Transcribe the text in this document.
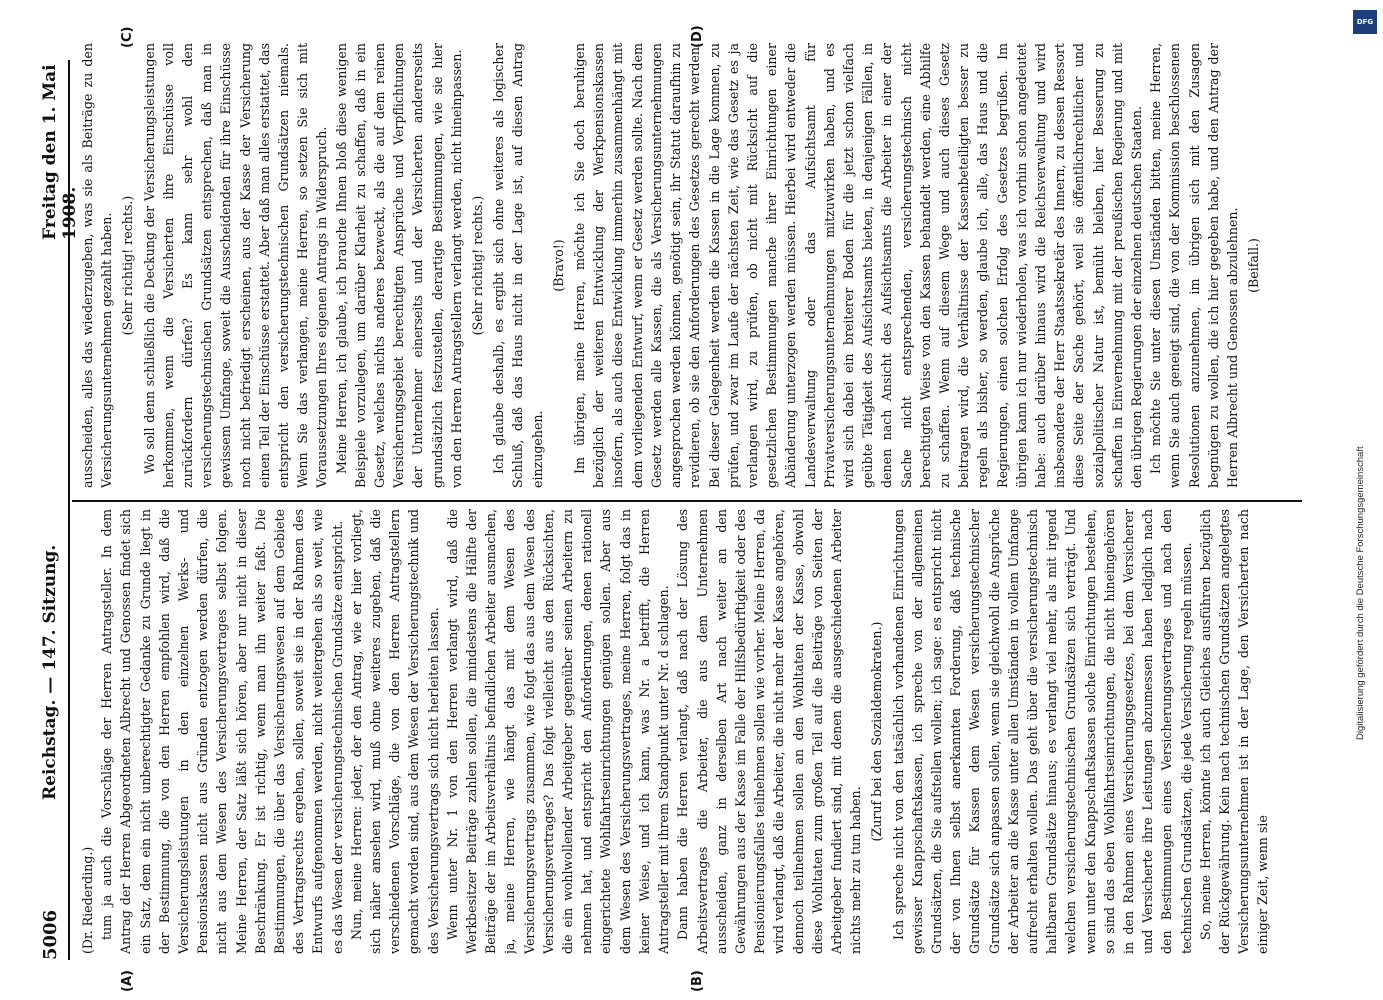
5006
Reichstag. — 147. Sitzung.
Freitag den 1. Mai 1908.
(A)	(B)
(C)	(D)

(Dr. Riederding.) tum ja auch die Vorschläge der Herren Antragsteller. In dem Antrag der Herren Abgeordneten Albrecht und Genossen findet sich ein Satz, dem ein nicht unberechtigter Gedanke zu Grunde liegt in der Bestimmung, die von den Herren empfohlen wird, daß die Versicherungsleistungen in den einzelnen Werks- und Pensionskassen nicht aus Gründen entzogen werden dürfen, die nicht aus dem Wesen des Versicherungsvertrages selbst folgen. Meine Herren, der Satz läßt sich hören, aber nur nicht in dieser Beschränkung. Er ist richtig, wenn man ihn weiter faßt. Die Bestimmungen, die über das Versicherungswesen auf dem Gebiete des Vertragsrechts ergehen, sollen, soweit sie in der Rahmen des Entwurfs aufgenommen werden, nicht weitergehen als so weit, wie es das Wesen der versicherungstechnischen Grundsätze entspricht. Nun, meine Herren: jeder, der den Antrag, wie er hier vorliegt, sich näher ansehen wird, muß ohne weiteres zugeben, daß die verschiedenen Vorschläge, die von den Herren Antragstellern gemacht worden sind, aus dem Wesen der Versicherungstechnik und des Versicherungsvertrags sich nicht herleiten lassen. Wenn unter Nr. 1 von den Herren verlangt wird, daß die Werkbesitzer Beiträge zahlen sollen, die mindestens die Hälfte der Beiträge der im Arbeitsverhältnis befindlichen Arbeiter ausmachen, ja, meine Herren, wie hängt das mit dem Wesen des Versicherungsvertrags zusammen, wie folgt das aus dem Wesen des Versicherungsvertrages? Das folgt vielleicht aus den Rücksichten, die ein wohlwollender Arbeitgeber gegenüber seinen Arbeitern zu nehmen hat, und entspricht den Anforderungen, denen rationell eingerichtete Wohlfahrtseinrichtungen genügen sollen. Aber aus dem Wesen des Versicherungsvertrages, meine Herren, folgt das in keiner Weise, und ich kann, was Nr. a betrifft, die Herren Antragsteller mit ihrem Standpunkt unter Nr. d schlagen. Dann haben die Herren verlangt, daß nach der Lösung des Arbeitsvertrages die Arbeiter, die aus dem Unternehmen ausscheiden, ganz in derselben Art nach weiter an den Gewährungen aus der Kasse im Falle der Hilfsbedürftigkeit oder des Pensionierungsfalles teilnehmen sollen wie vorher. Meine Herren, da wird verlangt, daß die Arbeiter, die nicht mehr der Kasse angehören, dennoch teilnehmen sollen an den Wohltaten der Kasse, obwohl diese Wohltaten zum großen Teil auf die Beiträge von Seiten der Arbeitgeber fundiert sind, mit denen die ausgeschiedenen Arbeiter nichts mehr zu tun haben.

(Zuruf bei den Sozialdemokraten.) Ich spreche nicht von den tatsächlich vorhandenen Einrichtungen gewisser Knappschaftskassen, ich spreche von der allgemeinen Grundsätzen, die Sie aufstellen wollen; ich sage: es entspricht nicht der von Ihnen selbst anerkannten Forderung, daß technische Grundsätze für Kassen dem Wesen versicherungstechnischer Grundsätze sich anpassen sollen, wenn sie gleichwohl die Ansprüche der Arbeiter an die Kasse unter allen Umständen in vollem Umfange aufrecht erhalten wollen. Das geht über die versicherungstechnisch haltbaren Grundsätze hinaus; es verlangt viel mehr, als mit irgend welchen versicherungstechnischen Grundsätzen sich verträgt. Und wenn unter den Knappschaftskassen solche Einrichtungen bestehen, so sind das eben Wohlfahrtseinrichtungen, die nicht hineingehören in den Rahmen eines Versicherungsgesetzes, bei dem Versicherer und Versicherte ihre Leistungen abzumessen haben lediglich nach den Bestimmungen eines Versicherungsvertrages und nach den technischen Grundsätzen, die jede Versicherung regeln müssen. So, meine Herren, könnte ich auch Gleiches ausführen bezüglich der Rückgewährung. Kein nach technischen Grundsätzen angelegtes Versicherungsunternehmen ist in der Lage, den Versicherten nach einiger Zeit, wenn sie

ausscheiden, alles das wiederzugeben, was sie als Beiträge zu den Versicherungsunternehmen gezahlt haben. (Sehr richtig! rechts.) Wo soll denn schließlich die Deckung der Versicherungsleistungen herkommen, wenn die Versicherten ihre Einschüsse voll zurückfordern dürfen? Es kann sehr wohl den versicherungstechnischen Grundsätzen entsprechen, daß man in gewissem Umfange, soweit die Ausscheidenden für ihre Einschüsse noch nicht befriedigt erscheinen, aus der Kasse der Versicherung einen Teil der Einschüsse erstattet. Aber daß man alles erstattet, das entspricht den versicherungstechnischen Grundsätzen niemals. Wenn Sie das verlangen, meine Herren, so setzen Sie sich mit Voraussetzungen Ihres eigenen Antrags in Widerspruch. Meine Herren, ich glaube, ich brauche Ihnen bloß diese wenigen Beispiele vorzulegen, um darüber Klarheit zu schaffen, daß in ein Gesetz, welches nichts anderes bezweckt, als die auf dem reinen Versicherungsgebiet berechtigten Ansprüche und Verpflichtungen der Unternehmer einerseits und der Versicherten andererseits grundsätzlich festzustellen, derartige Bestimmungen, wie sie hier von den Herren Antragstellern verlangt werden, nicht hineinpassen. (Sehr richtig! rechts.) Ich glaube deshalb, es ergibt sich ohne weiteres als logischer Schluß, daß das Haus nicht in der Lage ist, auf diesen Antrag einzugehen.

(Bravo!) Im übrigen, meine Herren, möchte ich Sie doch beruhigen bezüglich der weiteren Entwicklung der Werkpensionskassen insofern, als auch diese Entwicklung immerhin zusammenhängt mit dem vorliegenden Entwurf, wenn er Gesetz werden sollte. Nach dem Gesetz werden alle Kassen, die als Versicherungsunternehmungen angesprochen werden können, genötigt sein, ihr Statut daraufhin zu revidieren, ob sie den Anforderungen des Gesetzes gerecht werden. Bei dieser Gelegenheit werden die Kassen in die Lage kommen, zu prüfen, und zwar im Laufe der nächsten Zeit, wie das Gesetz es ja verlangen wird, zu prüfen, ob nicht mit Rücksicht auf die gesetzlichen Bestimmungen manche ihrer Einrichtungen einer Abänderung unterzogen werden müssen. Hierbei wird entweder die Landesverwaltung oder das Aufsichtsamt für Privatversicherungsunternehmungen mitzuwirken haben, und es wird sich dabei ein breiterer Boden für die jetzt schon vielfach geübte Tätigkeit des Aufsichtsamts bieten, in denjenigen Fällen, in denen nach Ansicht des Aufsichtsamts die Arbeiter in einer der Sache nicht entsprechenden, versicherungstechnisch nicht berechtigten Weise von den Kassen behandelt werden, eine Abhilfe zu schaffen. Wenn auf diesem Wege und auch dieses Gesetz beitragen wird, die Verhältnisse der Kassenbeteiligten besser zu regeln als bisher, so werden, glaube ich, alle, das Haus und die Regierungen, einen solchen Erfolg des Gesetzes begrüßen. Im übrigen kann ich nur wiederholen, was ich vorhin schon angedeutet habe: auch darüber hinaus wird die Reichsverwaltung und wird insbesondere der Herr Staatssekretär des Innern, zu dessen Ressort diese Seite der Sache gehört, weil sie öffentlichrechtlicher und sozialpolitischer Natur ist, bemüht bleiben, hier Besserung zu schaffen in Einvernehmung mit der preußischen Regierung und mit den übrigen Regierungen der einzelnen deutschen Staaten. Ich möchte Sie unter diesen Umständen bitten, meine Herren, wenn Sie auch geneigt sind, die von der Kommission beschlossenen Resolutionen anzunehmen, im übrigen sich mit den Zusagen begnügen zu wollen, die ich hier gegeben habe, und den Antrag der Herren Albrecht und Genossen abzulehnen. (Beifall.)

DFG
Digitalisierung gefördert durch die Deutsche Forschungsgemeinschaft
